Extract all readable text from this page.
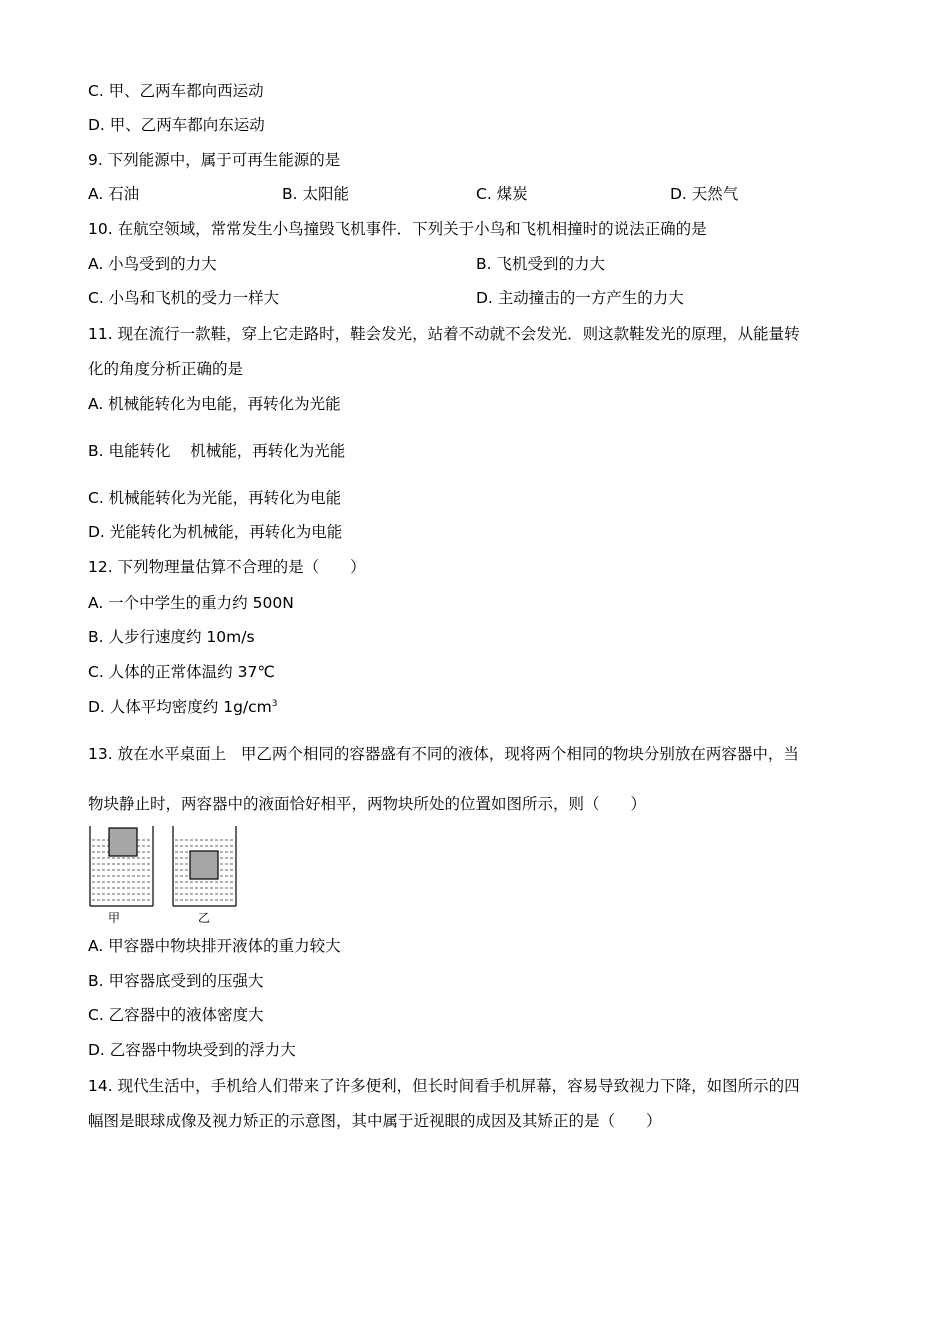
C. 甲、乙两车都向西运动
D. 甲、乙两车都向东运动
9. 下列能源中，属于可再生能源的是
A. 石油	B. 太阳能	C. 煤炭	D. 天然气
10. 在航空领域，常常发生小鸟撞毁飞机事件．下列关于小鸟和飞机相撞时的说法正确的是
A. 小鸟受到的力大	B. 飞机受到的力大
C. 小鸟和飞机的受力一样大	D. 主动撞击的一方产生的力大
11. 现在流行一款鞋，穿上它走路时，鞋会发光，站着不动就不会发光．则这款鞋发光的原理，从能量转
化的角度分析正确的是
A. 机械能转化为电能，再转化为光能
B. 电能转化    机械能，再转化为光能
C. 机械能转化为光能，再转化为电能
D. 光能转化为机械能，再转化为电能
12. 下列物理量估算不合理的是（　　）
A. 一个中学生的重力约 500N
B. 人步行速度约 10m/s
C. 人体的正常体温约 37℃
D. 人体平均密度约 $1g/cm^3$
13. 放在水平桌面上   甲乙两个相同的容器盛有不同的液体，现将两个相同的物块分别放在两容器中，当
物块静止时，两容器中的液面恰好相平，两物块所处的位置如图所示，则（　　）
甲	乙
A. 甲容器中物块排开液体的重力较大
B. 甲容器底受到的压强大
C. 乙容器中的液体密度大
D. 乙容器中物块受到的浮力大
14. 现代生活中，手机给人们带来了许多便利，但长时间看手机屏幕，容易导致视力下降，如图所示的四
幅图是眼球成像及视力矫正的示意图，其中属于近视眼的成因及其矫正的是（　　）
